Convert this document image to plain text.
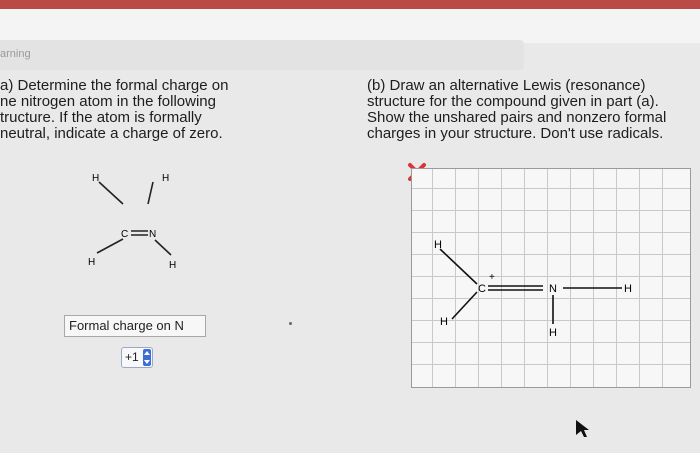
arning
a) Determine the formal charge on
ne nitrogen atom in the following
tructure. If the atom is formally
neutral, indicate a charge of zero.
(b) Draw an alternative Lewis (resonance)
structure for the compound given in part (a).
Show the unshared pairs and nonzero formal
charges in your structure. Don't use radicals.
H	H
H	H
C N
Formal charge on N
+1
H
H
C
+
N	H
H
